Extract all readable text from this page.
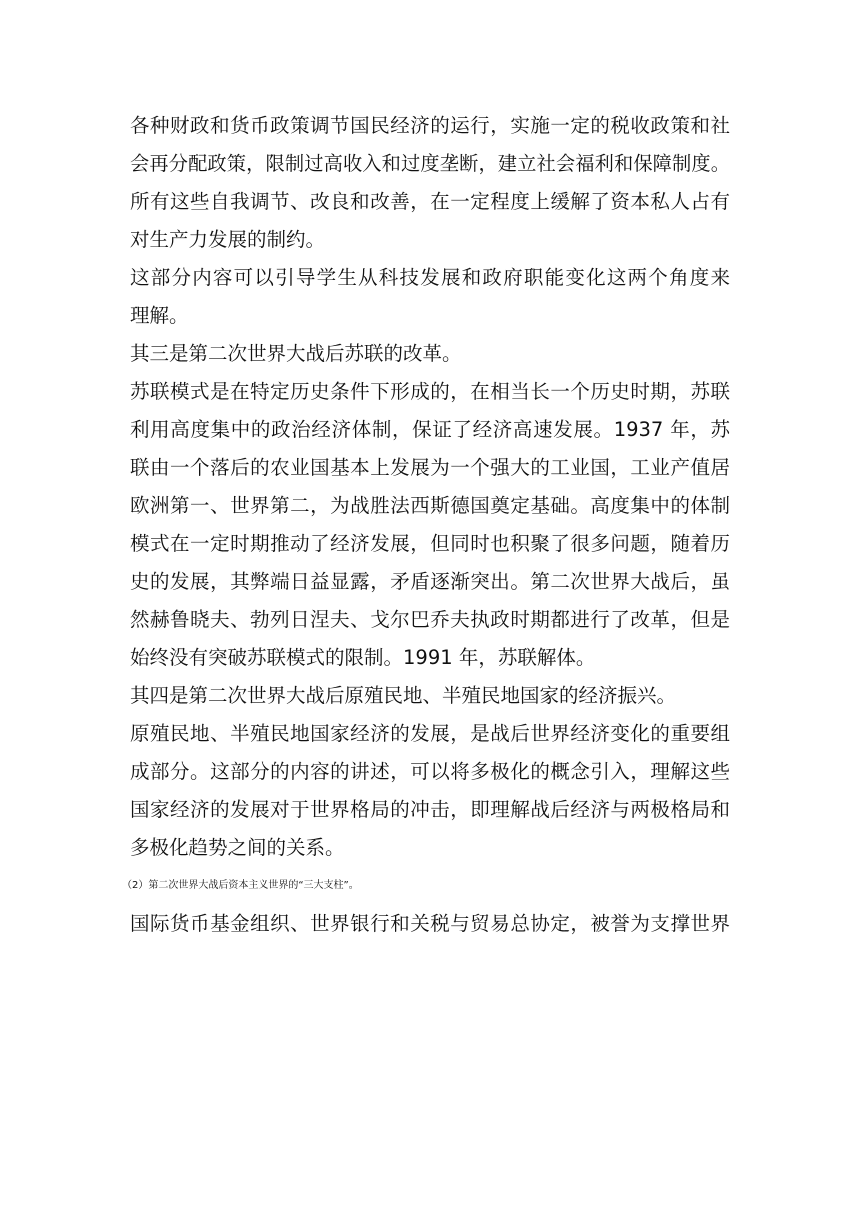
各种财政和货币政策调节国民经济的运行，实施一定的税收政策和社
会再分配政策，限制过高收入和过度垄断，建立社会福利和保障制度。
所有这些自我调节、改良和改善，在一定程度上缓解了资本私人占有
对生产力发展的制约。
这部分内容可以引导学生从科技发展和政府职能变化这两个角度来
理解。
其三是第二次世界大战后苏联的改革。
苏联模式是在特定历史条件下形成的，在相当长一个历史时期，苏联
利用高度集中的政治经济体制，保证了经济高速发展。1937 年，苏
联由一个落后的农业国基本上发展为一个强大的工业国，工业产值居
欧洲第一、世界第二，为战胜法西斯德国奠定基础。高度集中的体制
模式在一定时期推动了经济发展，但同时也积聚了很多问题，随着历
史的发展，其弊端日益显露，矛盾逐渐突出。第二次世界大战后，虽
然赫鲁晓夫、勃列日涅夫、戈尔巴乔夫执政时期都进行了改革，但是
始终没有突破苏联模式的限制。1991 年，苏联解体。
其四是第二次世界大战后原殖民地、半殖民地国家的经济振兴。
原殖民地、半殖民地国家经济的发展，是战后世界经济变化的重要组
成部分。这部分的内容的讲述，可以将多极化的概念引入，理解这些
国家经济的发展对于世界格局的冲击，即理解战后经济与两极格局和
多极化趋势之间的关系。
（2）第二次世界大战后资本主义世界的“三大支柱”。
国际货币基金组织、世界银行和关税与贸易总协定，被誉为支撑世界
